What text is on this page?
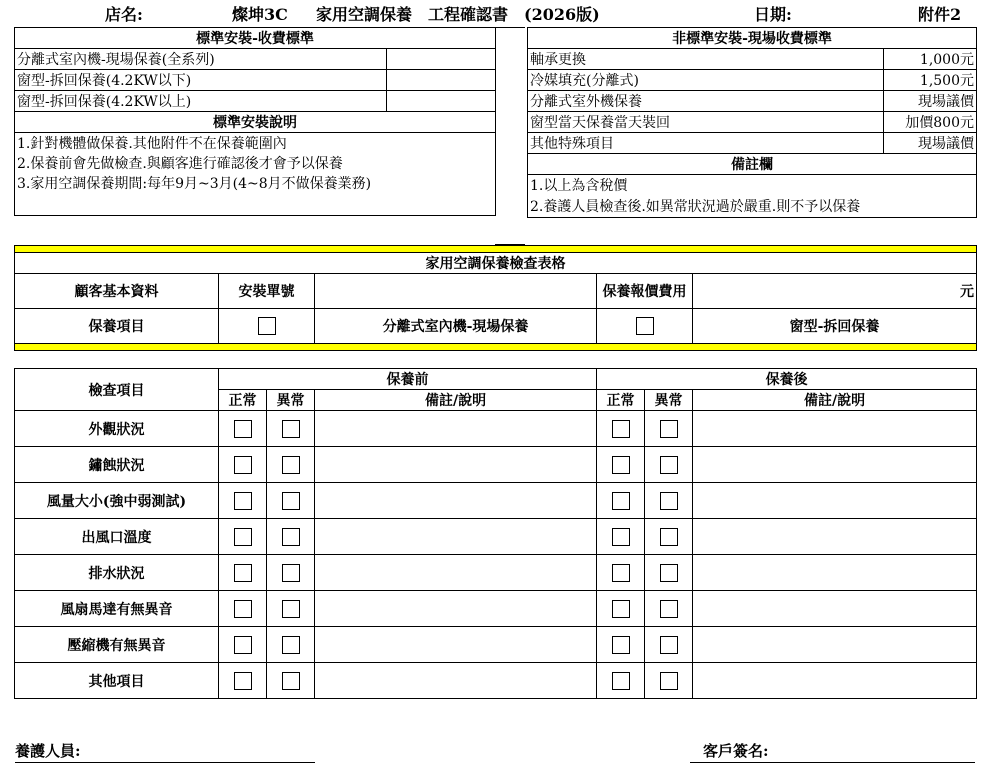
店名:	燦坤3C 家用空調保養　工程確認書　(2026版)	日期:	附件2
標準安裝-收費標準	
分離式室內機-現場保養(全系列)	
窗型-拆回保養(4.2KW以下)	
窗型-拆回保養(4.2KW以上)	
標準安裝說明	
1.針對機體做保養.其他附件不在保養範圍內	
2.保養前會先做檢查.與顧客進行確認後才會予以保養	
3.家用空調保養期間:每年9月~3月(4~8月不做保養業務)	

非標準安裝-現場收費標準	
軸承更換	1,000元
冷媒填充(分離式)	1,500元
分離式室外機保養	現場議價
窗型當天保養當天裝回	加價800元
其他特殊項目	現場議價
備註欄	
1.以上為含稅價	
2.養護人員檢查後.如異常狀況過於嚴重.則不予以保養	

家用空調保養檢查表格				
顧客基本資料	安裝單號		保養報價費用	元
保養項目		分離式室內機-現場保養		窗型-拆回保養

檢查項目	保養前			保養後		
	正常	異常	備註/說明	正常	異常	備註/說明
外觀狀況						
鏽蝕狀況						
風量大小(強中弱測試)						
出風口溫度						
排水狀況						
風扇馬達有無異音						
壓縮機有無異音						
其他項目						
養護人員:	客戶簽名:
